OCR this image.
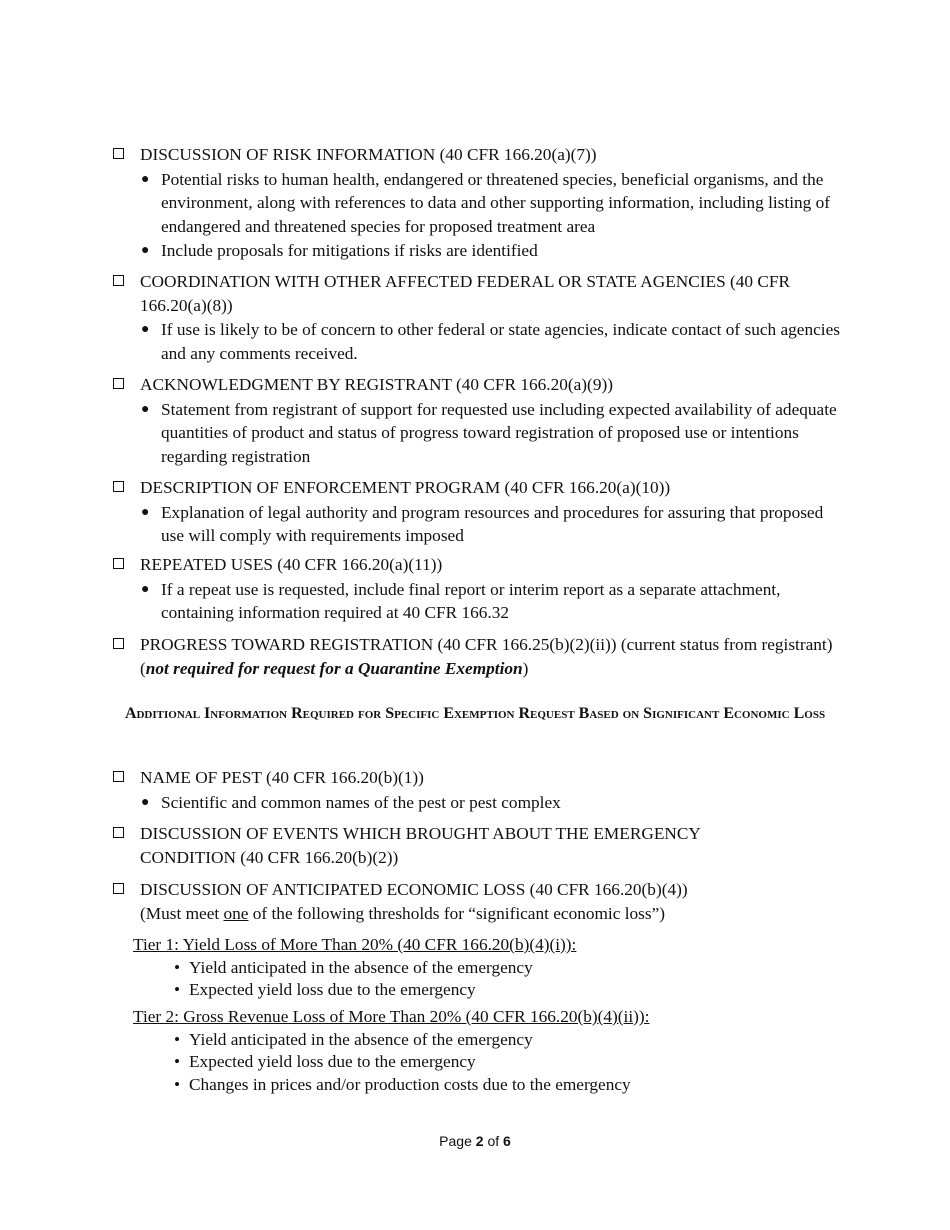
DISCUSSION OF RISK INFORMATION (40 CFR 166.20(a)(7))
● Potential risks to human health, endangered or threatened species, beneficial organisms, and the environment, along with references to data and other supporting information, including listing of endangered and threatened species for proposed treatment area
● Include proposals for mitigations if risks are identified
COORDINATION WITH OTHER AFFECTED FEDERAL OR STATE AGENCIES (40 CFR 166.20(a)(8))
● If use is likely to be of concern to other federal or state agencies, indicate contact of such agencies and any comments received.
ACKNOWLEDGMENT BY REGISTRANT (40 CFR 166.20(a)(9))
● Statement from registrant of support for requested use including expected availability of adequate quantities of product and status of progress toward registration of proposed use or intentions regarding registration
DESCRIPTION OF ENFORCEMENT PROGRAM (40 CFR 166.20(a)(10))
● Explanation of legal authority and program resources and procedures for assuring that proposed use will comply with requirements imposed
REPEATED USES (40 CFR 166.20(a)(11))
● If a repeat use is requested, include final report or interim report as a separate attachment, containing information required at 40 CFR 166.32
PROGRESS TOWARD REGISTRATION (40 CFR 166.25(b)(2)(ii)) (current status from registrant) (not required for request for a Quarantine Exemption)
Additional Information Required for Specific Exemption Request Based on Significant Economic Loss
NAME OF PEST (40 CFR 166.20(b)(1))
● Scientific and common names of the pest or pest complex
DISCUSSION OF EVENTS WHICH BROUGHT ABOUT THE EMERGENCY CONDITION (40 CFR 166.20(b)(2))
DISCUSSION OF ANTICIPATED ECONOMIC LOSS (40 CFR 166.20(b)(4))
(Must meet one of the following thresholds for “significant economic loss”)
Tier 1: Yield Loss of More Than 20% (40 CFR 166.20(b)(4)(i)):
• Yield anticipated in the absence of the emergency
• Expected yield loss due to the emergency
Tier 2: Gross Revenue Loss of More Than 20% (40 CFR 166.20(b)(4)(ii)):
• Yield anticipated in the absence of the emergency
• Expected yield loss due to the emergency
• Changes in prices and/or production costs due to the emergency
Page 2 of 6
